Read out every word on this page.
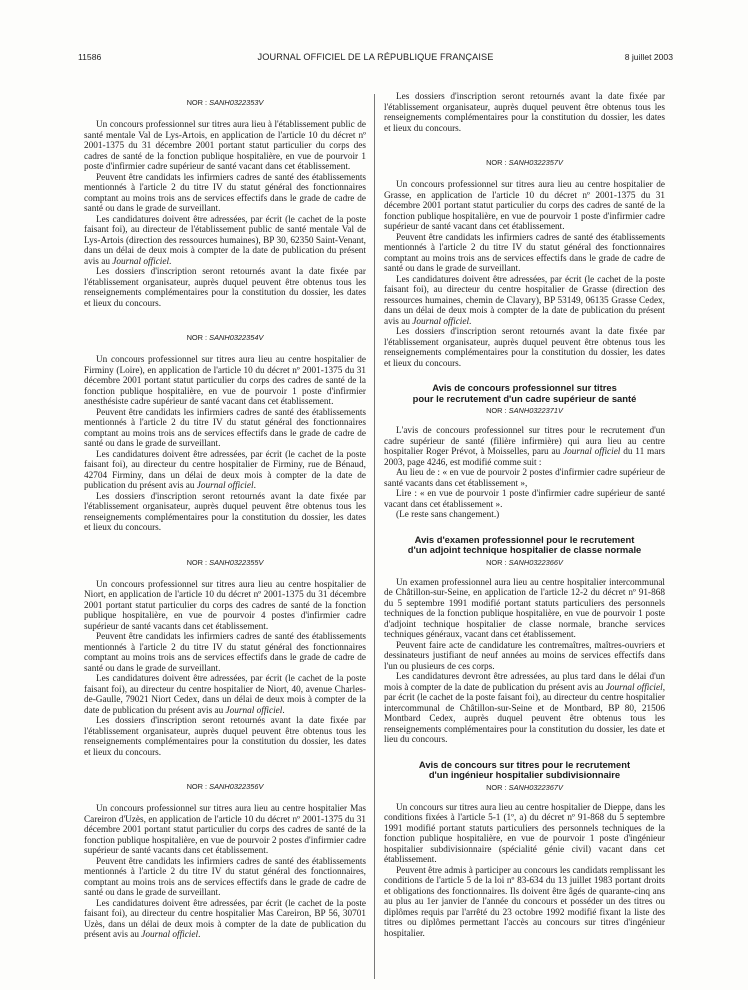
11586	JOURNAL OFFICIEL DE LA RÉPUBLIQUE FRANÇAISE	8 juillet 2003
NOR : SANH0322353V

Un concours professionnel sur titres aura lieu à l'établissement public de santé mentale Val de Lys-Artois, en application de l'article 10 du décret nº 2001-1375 du 31 décembre 2001 portant statut particulier du corps des cadres de santé de la fonction publique hospitalière, en vue de pourvoir 1 poste d'infirmier cadre supérieur de santé vacant dans cet établissement.

Peuvent être candidats les infirmiers cadres de santé des établissements mentionnés à l'article 2 du titre IV du statut général des fonctionnaires comptant au moins trois ans de services effectifs dans le grade de cadre de santé ou dans le grade de surveillant.

Les candidatures doivent être adressées, par écrit (le cachet de la poste faisant foi), au directeur de l'établissement public de santé mentale Val de Lys-Artois (direction des ressources humaines), BP 30, 62350 Saint-Venant, dans un délai de deux mois à compter de la date de publication du présent avis au Journal officiel.

Les dossiers d'inscription seront retournés avant la date fixée par l'établissement organisateur, auprès duquel peuvent être obtenus tous les renseignements complémentaires pour la constitution du dossier, les dates et lieux du concours.

NOR : SANH0322354V

Un concours professionnel sur titres aura lieu au centre hospitalier de Firminy (Loire), en application de l'article 10 du décret nº 2001-1375 du 31 décembre 2001 portant statut particulier du corps des cadres de santé de la fonction publique hospitalière, en vue de pourvoir 1 poste d'infirmier anesthésiste cadre supérieur de santé vacant dans cet établissement.

Peuvent être candidats les infirmiers cadres de santé des établissements mentionnés à l'article 2 du titre IV du statut général des fonctionnaires comptant au moins trois ans de services effectifs dans le grade de cadre de santé ou dans le grade de surveillant.

Les candidatures doivent être adressées, par écrit (le cachet de la poste faisant foi), au directeur du centre hospitalier de Firminy, rue de Bénaud, 42704 Firminy, dans un délai de deux mois à compter de la date de publication du présent avis au Journal officiel.

Les dossiers d'inscription seront retournés avant la date fixée par l'établissement organisateur, auprès duquel peuvent être obtenus tous les renseignements complémentaires pour la constitution du dossier, les dates et lieux du concours.

NOR : SANH0322355V

Un concours professionnel sur titres aura lieu au centre hospitalier de Niort, en application de l'article 10 du décret nº 2001-1375 du 31 décembre 2001 portant statut particulier du corps des cadres de santé de la fonction publique hospitalière, en vue de pourvoir 4 postes d'infirmier cadre supérieur de santé vacants dans cet établissement.

Peuvent être candidats les infirmiers cadres de santé des établissements mentionnés à l'article 2 du titre IV du statut général des fonctionnaires comptant au moins trois ans de services effectifs dans le grade de cadre de santé ou dans le grade de surveillant.

Les candidatures doivent être adressées, par écrit (le cachet de la poste faisant foi), au directeur du centre hospitalier de Niort, 40, avenue Charles-de-Gaulle, 79021 Niort Cedex, dans un délai de deux mois à compter de la date de publication du présent avis au Journal officiel.

Les dossiers d'inscription seront retournés avant la date fixée par l'établissement organisateur, auprès duquel peuvent être obtenus tous les renseignements complémentaires pour la constitution du dossier, les dates et lieux du concours.

NOR : SANH0322356V

Un concours professionnel sur titres aura lieu au centre hospitalier Mas Careiron d'Uzès, en application de l'article 10 du décret nº 2001-1375 du 31 décembre 2001 portant statut particulier du corps des cadres de santé de la fonction publique hospitalière, en vue de pourvoir 2 postes d'infirmier cadre supérieur de santé vacants dans cet établissement.

Peuvent être candidats les infirmiers cadres de santé des établissements mentionnés à l'article 2 du titre IV du statut général des fonctionnaires, comptant au moins trois ans de services effectifs dans le grade de cadre de santé ou dans le grade de surveillant.

Les candidatures doivent être adressées, par écrit (le cachet de la poste faisant foi), au directeur du centre hospitalier Mas Careiron, BP 56, 30701 Uzès, dans un délai de deux mois à compter de la date de publication du présent avis au Journal officiel.

Les dossiers d'inscription seront retournés avant la date fixée par l'établissement organisateur, auprès duquel peuvent être obtenus tous les renseignements complémentaires pour la constitution du dossier, les dates et lieux du concours.

NOR : SANH0322357V

Un concours professionnel sur titres aura lieu au centre hospitalier de Grasse, en application de l'article 10 du décret nº 2001-1375 du 31 décembre 2001 portant statut particulier du corps des cadres de santé de la fonction publique hospitalière, en vue de pourvoir 1 poste d'infirmier cadre supérieur de santé vacant dans cet établissement.

Peuvent être candidats les infirmiers cadres de santé des établissements mentionnés à l'article 2 du titre IV du statut général des fonctionnaires comptant au moins trois ans de services effectifs dans le grade de cadre de santé ou dans le grade de surveillant.

Les candidatures doivent être adressées, par écrit (le cachet de la poste faisant foi), au directeur du centre hospitalier de Grasse (direction des ressources humaines, chemin de Clavary), BP 53149, 06135 Grasse Cedex, dans un délai de deux mois à compter de la date de publication du présent avis au Journal officiel.

Les dossiers d'inscription seront retournés avant la date fixée par l'établissement organisateur, auprès duquel peuvent être obtenus tous les renseignements complémentaires pour la constitution du dossier, les dates et lieux du concours.

Avis de concours professionnel sur titres
pour le recrutement d'un cadre supérieur de santé
NOR : SANH0322371V

L'avis de concours professionnel sur titres pour le recrutement d'un cadre supérieur de santé (filière infirmière) qui aura lieu au centre hospitalier Roger Prévot, à Moisselles, paru au Journal officiel du 11 mars 2003, page 4246, est modifié comme suit :

Au lieu de : « en vue de pourvoir 2 postes d'infirmier cadre supérieur de santé vacants dans cet établissement »,

Lire : « en vue de pourvoir 1 poste d'infirmier cadre supérieur de santé vacant dans cet établissement ».

(Le reste sans changement.)

Avis d'examen professionnel pour le recrutement
d'un adjoint technique hospitalier de classe normale
NOR : SANH0322366V

Un examen professionnel aura lieu au centre hospitalier intercommunal de Châtillon-sur-Seine, en application de l'article 12-2 du décret nº 91-868 du 5 septembre 1991 modifié portant statuts particuliers des personnels techniques de la fonction publique hospitalière, en vue de pourvoir 1 poste d'adjoint technique hospitalier de classe normale, branche services techniques généraux, vacant dans cet établissement.

Peuvent faire acte de candidature les contremaîtres, maîtres-ouvriers et dessinateurs justifiant de neuf années au moins de services effectifs dans l'un ou plusieurs de ces corps.

Les candidatures devront être adressées, au plus tard dans le délai d'un mois à compter de la date de publication du présent avis au Journal officiel, par écrit (le cachet de la poste faisant foi), au directeur du centre hospitalier intercommunal de Châtillon-sur-Seine et de Montbard, BP 80, 21506 Montbard Cedex, auprès duquel peuvent être obtenus tous les renseignements complémentaires pour la constitution du dossier, les date et lieu du concours.

Avis de concours sur titres pour le recrutement
d'un ingénieur hospitalier subdivisionnaire
NOR : SANH0322367V

Un concours sur titres aura lieu au centre hospitalier de Dieppe, dans les conditions fixées à l'article 5-1 (1º, a) du décret nº 91-868 du 5 septembre 1991 modifié portant statuts particuliers des personnels techniques de la fonction publique hospitalière, en vue de pourvoir 1 poste d'ingénieur hospitalier subdivisionnaire (spécialité génie civil) vacant dans cet établissement.

Peuvent être admis à participer au concours les candidats remplissant les conditions de l'article 5 de la loi nº 83-634 du 13 juillet 1983 portant droits et obligations des fonctionnaires. Ils doivent être âgés de quarante-cinq ans au plus au 1er janvier de l'année du concours et posséder un des titres ou diplômes requis par l'arrêté du 23 octobre 1992 modifié fixant la liste des titres ou diplômes permettant l'accès au concours sur titres d'ingénieur hospitalier.
